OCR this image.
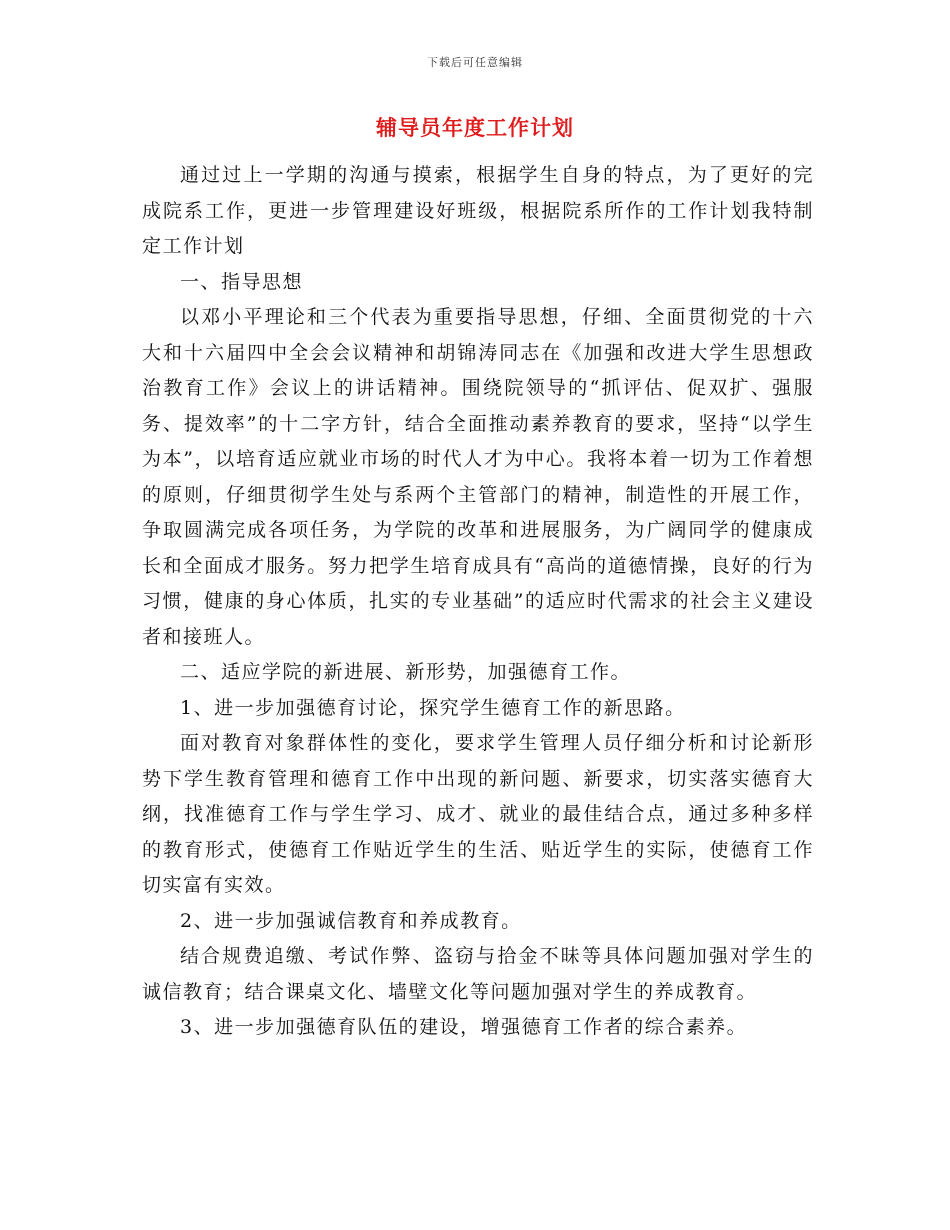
下载后可任意编辑
辅导员年度工作计划

通过过上一学期的沟通与摸索，根据学生自身的特点，为了更好的完成院系工作，更进一步管理建设好班级，根据院系所作的工作计划我特制定工作计划

一、指导思想

以邓小平理论和三个代表为重要指导思想，仔细、全面贯彻党的十六大和十六届四中全会会议精神和胡锦涛同志在《加强和改进大学生思想政治教育工作》会议上的讲话精神。围绕院领导的“抓评估、促双扩、强服务、提效率”的十二字方针，结合全面推动素养教育的要求，坚持“以学生为本”，以培育适应就业市场的时代人才为中心。我将本着一切为工作着想的原则，仔细贯彻学生处与系两个主管部门的精神，制造性的开展工作，争取圆满完成各项任务，为学院的改革和进展服务，为广阔同学的健康成长和全面成才服务。努力把学生培育成具有“高尚的道德情操，良好的行为习惯，健康的身心体质，扎实的专业基础”的适应时代需求的社会主义建设者和接班人。

二、适应学院的新进展、新形势，加强德育工作。

1、进一步加强德育讨论，探究学生德育工作的新思路。

面对教育对象群体性的变化，要求学生管理人员仔细分析和讨论新形势下学生教育管理和德育工作中出现的新问题、新要求，切实落实德育大纲，找准德育工作与学生学习、成才、就业的最佳结合点，通过多种多样的教育形式，使德育工作贴近学生的生活、贴近学生的实际，使德育工作切实富有实效。

2、进一步加强诚信教育和养成教育。

结合规费追缴、考试作弊、盗窃与拾金不昧等具体问题加强对学生的诚信教育；结合课桌文化、墙壁文化等问题加强对学生的养成教育。

3、进一步加强德育队伍的建设，增强德育工作者的综合素养。
